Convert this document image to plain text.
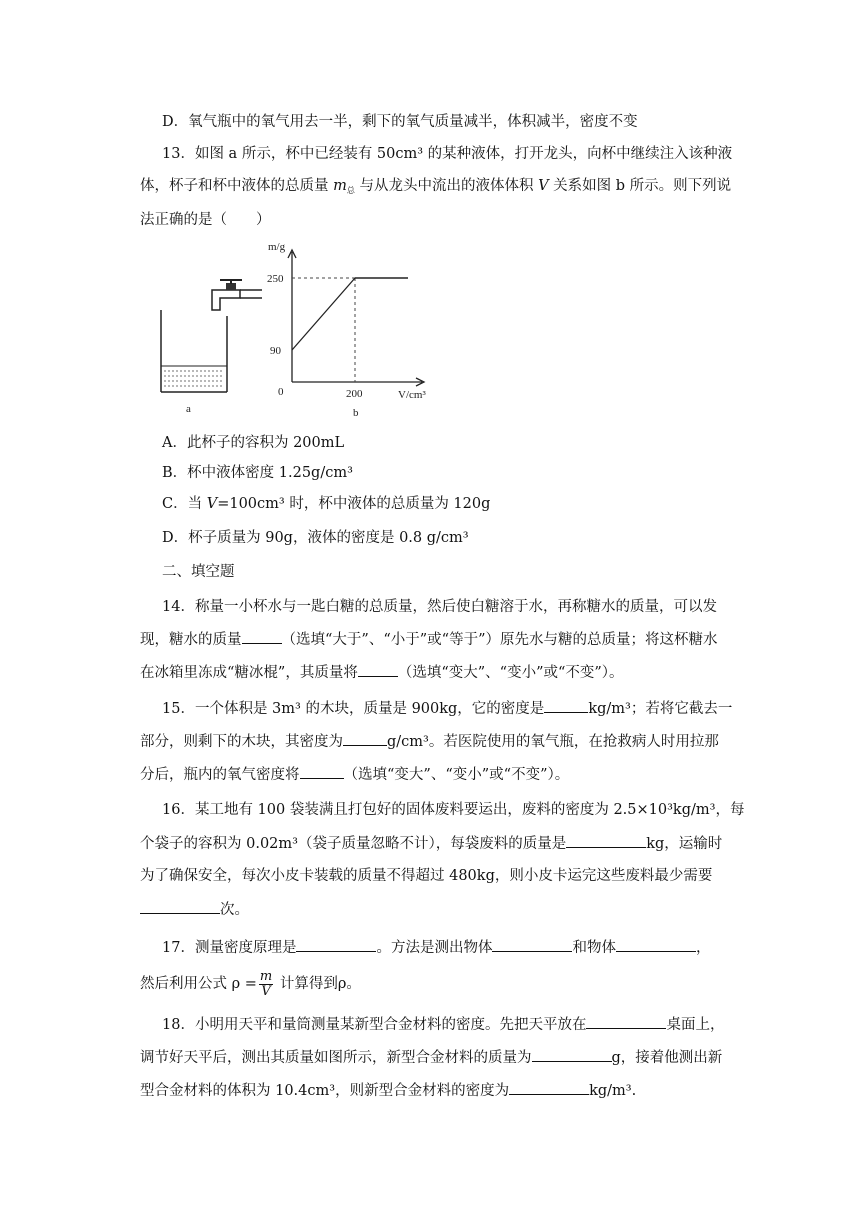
D．氧气瓶中的氧气用去一半，剩下的氧气质量减半，体积减半，密度不变
13．如图 a 所示，杯中已经装有 50cm³ 的某种液体，打开龙头，向杯中继续注入该种液
体，杯子和杯中液体的总质量 $m_总$ 与从龙头中流出的液体体积 V 关系如图 b 所示。则下列说
法正确的是（　　）
a
m/g
250
90
0	200	V/cm³
b
A．此杯子的容积为 200mL
B．杯中液体密度 1.25g/cm³
C．当 V=100cm³ 时，杯中液体的总质量为 120g
D．杯子质量为 90g，液体的密度是 0.8 g/cm³
二、填空题
14．称量一小杯水与一匙白糖的总质量，然后使白糖溶于水，再称糖水的质量，可以发
现，糖水的质量	（选填“大于”、“小于”或“等于”）原先水与糖的总质量；将这杯糖水
在冰箱里冻成“糖冰棍”，其质量将	（选填“变大”、“变小”或“不变”）。
15．一个体积是 3m³ 的木块，质量是 900kg，它的密度是	kg/m³；若将它截去一
部分，则剩下的木块，其密度为	g/cm³。若医院使用的氧气瓶，在抢救病人时用拉那
分后，瓶内的氧气密度将	（选填“变大”、“变小”或“不变”）。
16．某工地有 100 袋装满且打包好的固体废料要运出，废料的密度为 2.5×10³kg/m³，每
个袋子的容积为 0.02m³（袋子质量忽略不计），每袋废料的质量是	kg，运输时
为了确保安全，每次小皮卡装载的质量不得超过 480kg，则小皮卡运完这些废料最少需要
次。
17．测量密度原理是	。方法是测出物体	和物体	，
然后利用公式 $\rho = \frac{m}{V}$ 计算得到ρ。
18．小明用天平和量筒测量某新型合金材料的密度。先把天平放在	桌面上，
调节好天平后，测出其质量如图所示，新型合金材料的质量为	g，接着他测出新
型合金材料的体积为 10.4cm³，则新型合金材料的密度为	kg/m³.
